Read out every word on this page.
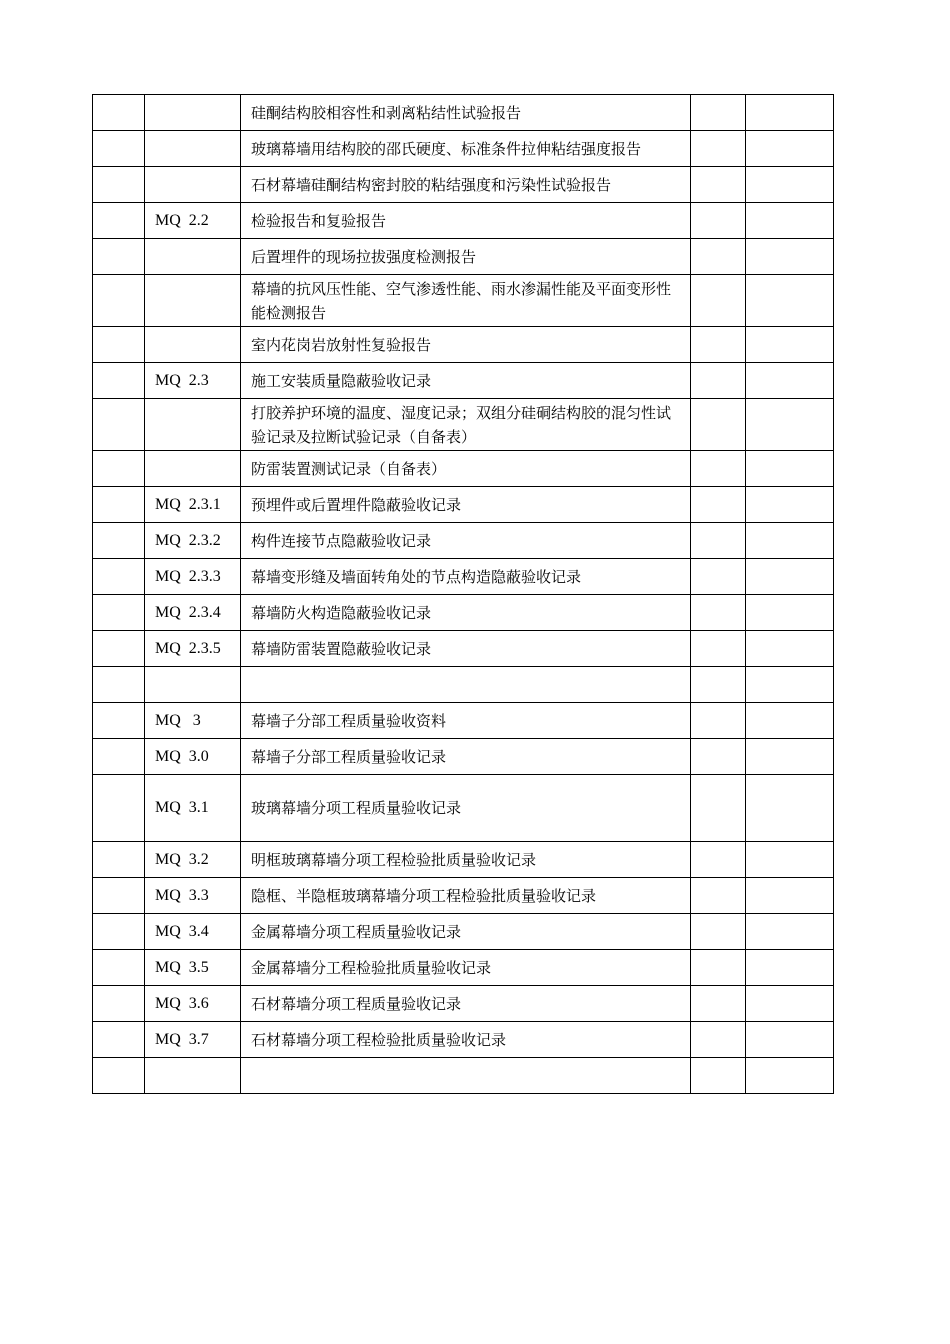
		硅酮结构胶相容性和剥离粘结性试验报告		
		玻璃幕墙用结构胶的邵氏硬度、标准条件拉伸粘结强度报告		
		石材幕墙硅酮结构密封胶的粘结强度和污染性试验报告		
	MQ  2.2	检验报告和复验报告		
		后置埋件的现场拉拔强度检测报告		
		幕墙的抗风压性能、空气渗透性能、雨水渗漏性能及平面变形性能检测报告		
		室内花岗岩放射性复验报告		
	MQ  2.3	施工安装质量隐蔽验收记录		
		打胶养护环境的温度、湿度记录；双组分硅硐结构胶的混匀性试验记录及拉断试验记录（自备表）		
		防雷装置测试记录（自备表）		
	MQ  2.3.1	预埋件或后置埋件隐蔽验收记录		
	MQ  2.3.2	构件连接节点隐蔽验收记录		
	MQ  2.3.3	幕墙变形缝及墙面转角处的节点构造隐蔽验收记录		
	MQ  2.3.4	幕墙防火构造隐蔽验收记录		
	MQ  2.3.5	幕墙防雷装置隐蔽验收记录		

	MQ   3	幕墙子分部工程质量验收资料		
	MQ  3.0	幕墙子分部工程质量验收记录		
	MQ  3.1	玻璃幕墙分项工程质量验收记录		
	MQ  3.2	明框玻璃幕墙分项工程检验批质量验收记录		
	MQ  3.3	隐框、半隐框玻璃幕墙分项工程检验批质量验收记录		
	MQ  3.4	金属幕墙分项工程质量验收记录		
	MQ  3.5	金属幕墙分工程检验批质量验收记录		
	MQ  3.6	石材幕墙分项工程质量验收记录		
	MQ  3.7	石材幕墙分项工程检验批质量验收记录		
